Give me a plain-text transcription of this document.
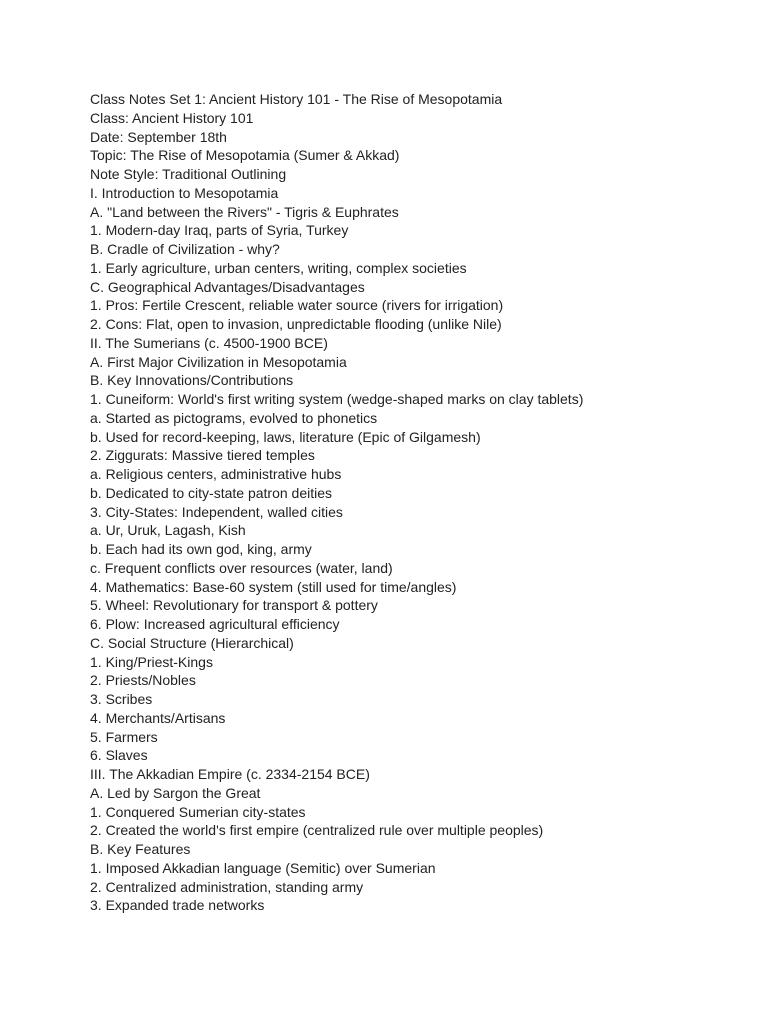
Class Notes Set 1: Ancient History 101 - The Rise of Mesopotamia
Class: Ancient History 101
Date: September 18th
Topic: The Rise of Mesopotamia (Sumer & Akkad)
Note Style: Traditional Outlining
I. Introduction to Mesopotamia
A. "Land between the Rivers" - Tigris & Euphrates
1. Modern-day Iraq, parts of Syria, Turkey
B. Cradle of Civilization - why?
1. Early agriculture, urban centers, writing, complex societies
C. Geographical Advantages/Disadvantages
1. Pros: Fertile Crescent, reliable water source (rivers for irrigation)
2. Cons: Flat, open to invasion, unpredictable flooding (unlike Nile)
II. The Sumerians (c. 4500-1900 BCE)
A. First Major Civilization in Mesopotamia
B. Key Innovations/Contributions
1. Cuneiform: World's first writing system (wedge-shaped marks on clay tablets)
a. Started as pictograms, evolved to phonetics
b. Used for record-keeping, laws, literature (Epic of Gilgamesh)
2. Ziggurats: Massive tiered temples
a. Religious centers, administrative hubs
b. Dedicated to city-state patron deities
3. City-States: Independent, walled cities
a. Ur, Uruk, Lagash, Kish
b. Each had its own god, king, army
c. Frequent conflicts over resources (water, land)
4. Mathematics: Base-60 system (still used for time/angles)
5. Wheel: Revolutionary for transport & pottery
6. Plow: Increased agricultural efficiency
C. Social Structure (Hierarchical)
1. King/Priest-Kings
2. Priests/Nobles
3. Scribes
4. Merchants/Artisans
5. Farmers
6. Slaves
III. The Akkadian Empire (c. 2334-2154 BCE)
A. Led by Sargon the Great
1. Conquered Sumerian city-states
2. Created the world's first empire (centralized rule over multiple peoples)
B. Key Features
1. Imposed Akkadian language (Semitic) over Sumerian
2. Centralized administration, standing army
3. Expanded trade networks
